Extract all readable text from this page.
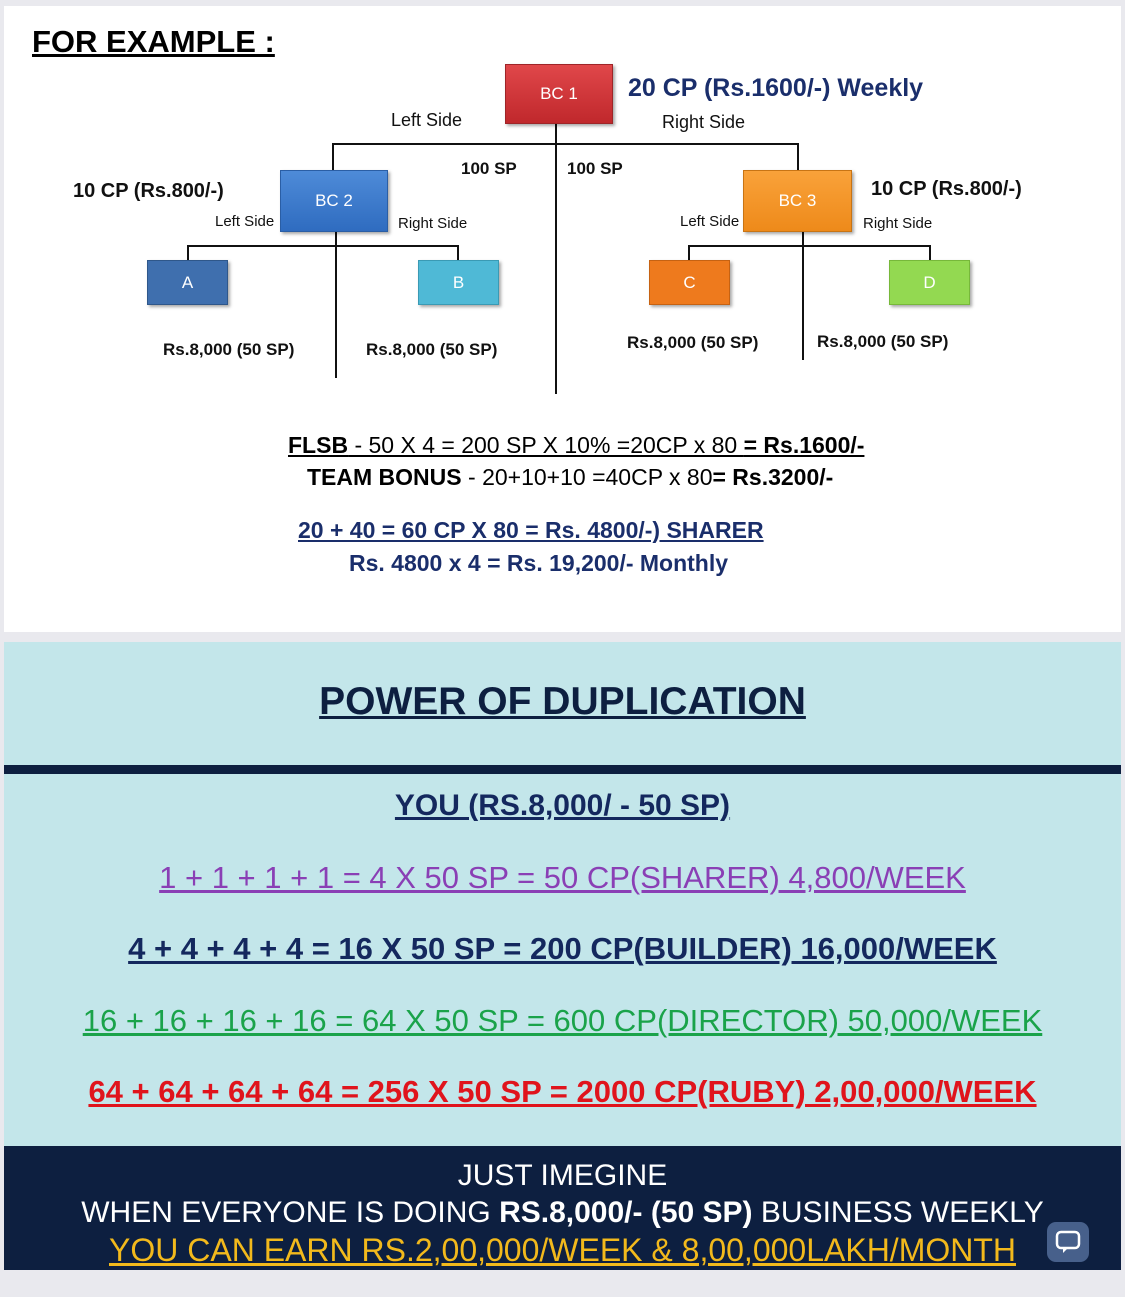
FOR EXAMPLE :
BC 1
BC 2	BC 3
A	B	C	D
20 CP (Rs.1600/-) Weekly
10 CP (Rs.800/-)	10 CP (Rs.800/-)
Left Side	Right Side
100 SP	100 SP
Left Side	Right Side	Left Side	Right Side
Rs.8,000 (50 SP)	Rs.8,000 (50 SP)	Rs.8,000 (50 SP)	Rs.8,000 (50 SP)
FLSB - 50 X 4 = 200 SP X 10% =20CP x 80 = Rs.1600/-
TEAM BONUS - 20+10+10 =40CP x 80= Rs.3200/-
20 + 40 = 60 CP X 80 = Rs. 4800/-) SHARER
Rs. 4800 x 4 = Rs. 19,200/- Monthly
POWER OF DUPLICATION
YOU (RS.8,000/ - 50 SP)
1 + 1 + 1 + 1 = 4 X 50 SP = 50 CP(SHARER) 4,800/WEEK
4 + 4 + 4 + 4 = 16 X 50 SP = 200 CP(BUILDER) 16,000/WEEK
16 + 16 + 16 + 16 = 64 X 50 SP = 600 CP(DIRECTOR) 50,000/WEEK
64 + 64 + 64 + 64 = 256 X 50 SP = 2000 CP(RUBY) 2,00,000/WEEK
JUST IMEGINE
WHEN EVERYONE IS DOING RS.8,000/- (50 SP) BUSINESS WEEKLY
YOU CAN EARN RS.2,00,000/WEEK & 8,00,000LAKH/MONTH
